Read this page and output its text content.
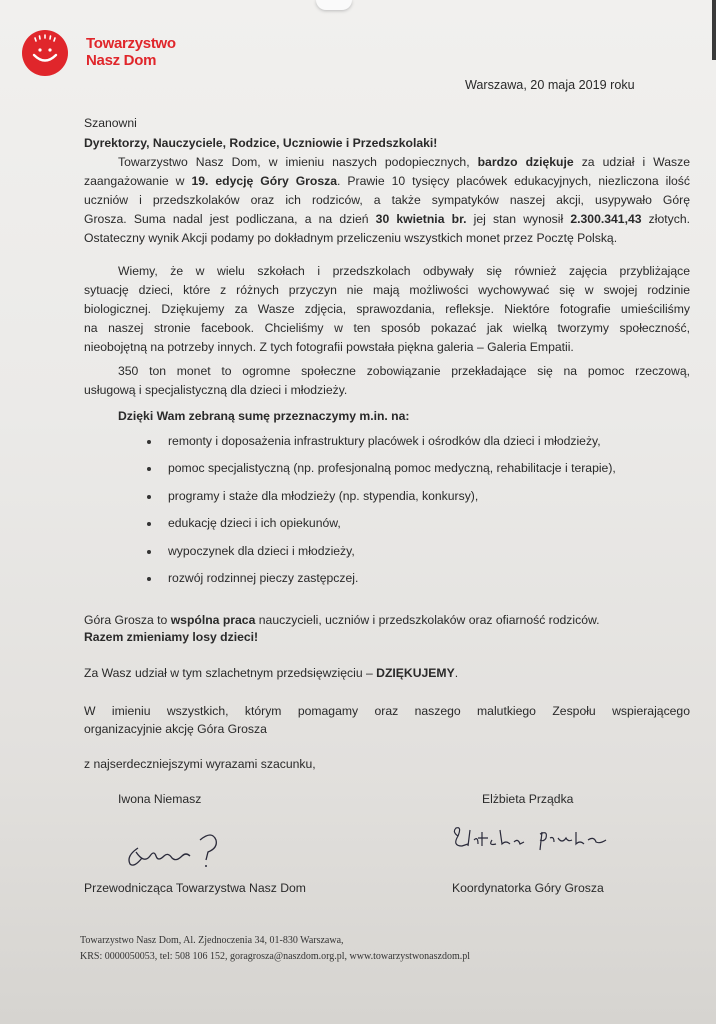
Towarzystwo
Nasz Dom
Warszawa, 20 maja 2019 roku
Szanowni
Dyrektorzy, Nauczyciele, Rodzice, Uczniowie i Przedszkolaki!
Towarzystwo Nasz Dom, w imieniu naszych podopiecznych, bardzo dziękuje za udział i Wasze
zaangażowanie w 19. edycję Góry Grosza. Prawie 10 tysięcy placówek edukacyjnych, niezliczona ilość
uczniów i przedszkolaków oraz ich rodziców, a także sympatyków naszej akcji, usypywało Górę
Grosza. Suma nadal jest podliczana, a na dzień 30 kwietnia br. jej stan wynosił 2.300.341,43 złotych.
Ostateczny wynik Akcji podamy po dokładnym przeliczeniu wszystkich monet przez Pocztę Polską.
Wiemy, że w wielu szkołach i przedszkolach odbywały się również zajęcia przybliżające
sytuację dzieci, które z różnych przyczyn nie mają możliwości wychowywać się w swojej rodzinie
biologicznej. Dziękujemy za Wasze zdjęcia, sprawozdania, refleksje. Niektóre fotografie umieściliśmy
na naszej stronie facebook. Chcieliśmy w ten sposób pokazać jak wielką tworzymy społeczność,
nieobojętną na potrzeby innych. Z tych fotografii powstała piękna galeria – Galeria Empatii.
350 ton monet to ogromne społeczne zobowiązanie przekładające się na pomoc rzeczową,
usługową i specjalistyczną dla dzieci i młodzieży.
Dzięki Wam zebraną sumę przeznaczymy m.in. na:
remonty i doposażenia infrastruktury placówek i ośrodków dla dzieci i młodzieży,
pomoc specjalistyczną (np. profesjonalną pomoc medyczną, rehabilitacje i terapie),
programy i staże dla młodzieży (np. stypendia, konkursy),
edukację dzieci i ich opiekunów,
wypoczynek dla dzieci i młodzieży,
rozwój rodzinnej pieczy zastępczej.
Góra Grosza to wspólna praca nauczycieli, uczniów i przedszkolaków oraz ofiarność rodziców.
Razem zmieniamy losy dzieci!
Za Wasz udział w tym szlachetnym przedsięwzięciu – DZIĘKUJEMY.
W imieniu wszystkich, którym pomagamy oraz naszego malutkiego Zespołu wspierającego
organizacyjnie akcję Góra Grosza
z najserdeczniejszymi wyrazami szacunku,
Iwona Niemasz	Elżbieta Prządka
Przewodnicząca Towarzystwa Nasz Dom	Koordynatorka Góry Grosza
Towarzystwo Nasz Dom, Al. Zjednoczenia 34, 01-830 Warszawa,
KRS: 0000050053, tel: 508 106 152, goragrosza@naszdom.org.pl, www.towarzystwonaszdom.pl
